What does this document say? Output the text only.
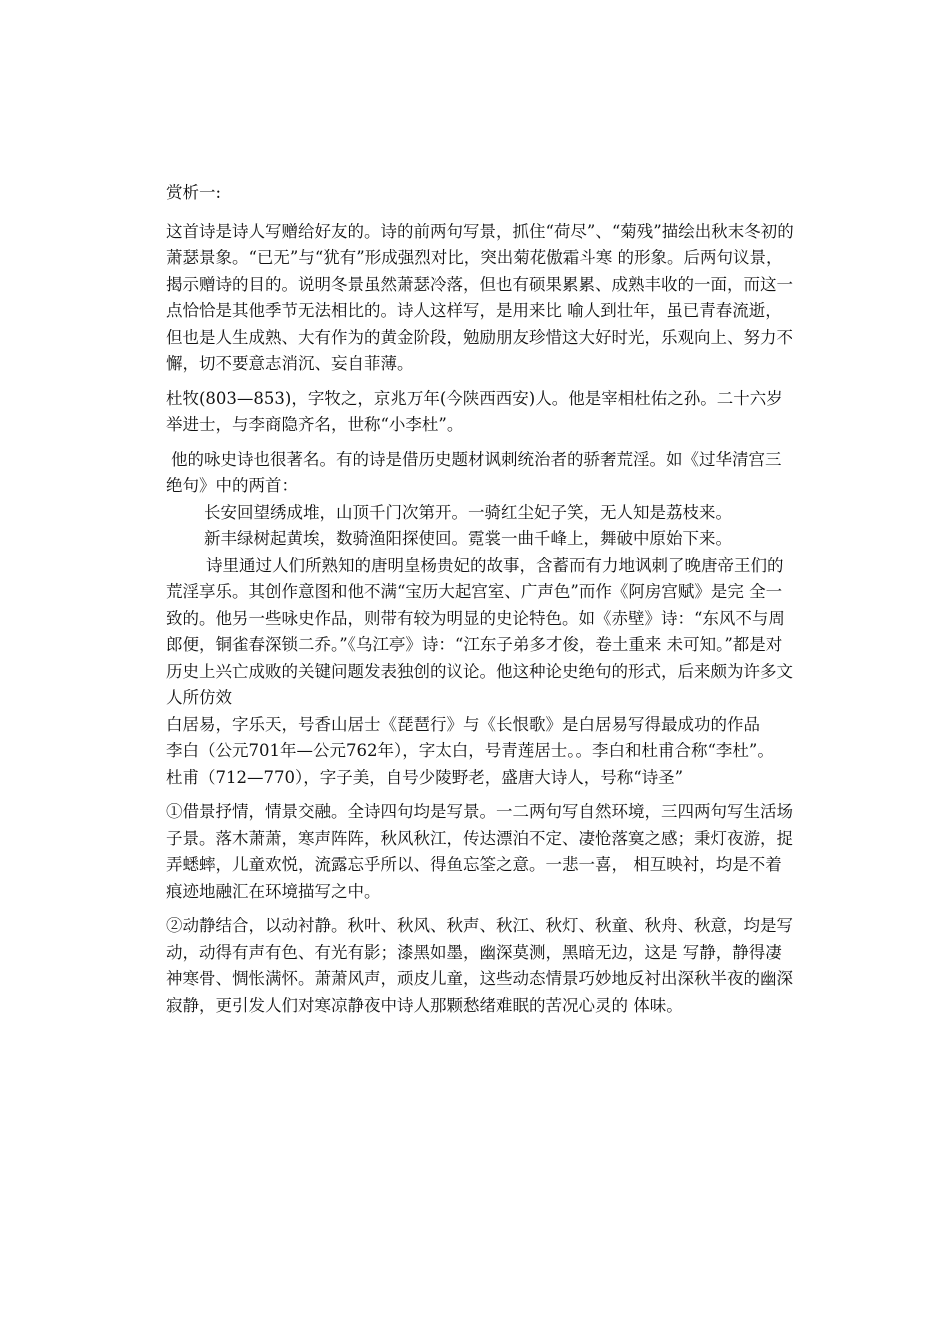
赏析一:
这首诗是诗人写赠给好友的。诗的前两句写景，抓住“荷尽”、“菊残”描绘出秋末冬初的萧瑟景象。“已无”与“犹有”形成强烈对比，突出菊花傲霜斗寒 的形象。后两句议景，揭示赠诗的目的。说明冬景虽然萧瑟冷落，但也有硕果累累、成熟丰收的一面，而这一点恰恰是其他季节无法相比的。诗人这样写，是用来比 喻人到壮年，虽已青春流逝，但也是人生成熟、大有作为的黄金阶段，勉励朋友珍惜这大好时光，乐观向上、努力不懈，切不要意志消沉、妄自菲薄。
杜牧(803—853)，字牧之，京兆万年(今陕西西安)人。他是宰相杜佑之孙。二十六岁举进士，与李商隐齐名，世称“小李杜”。
他的咏史诗也很著名。有的诗是借历史题材讽刺统治者的骄奢荒淫。如《过华清宫三绝句》中的两首：
长安回望绣成堆，山顶千门次第开。一骑红尘妃子笑，无人知是荔枝来。
新丰绿树起黄埃，数骑渔阳探使回。霓裳一曲千峰上，舞破中原始下来。
诗里通过人们所熟知的唐明皇杨贵妃的故事，含蓄而有力地讽刺了晚唐帝王们的荒淫享乐。其创作意图和他不满“宝历大起宫室、广声色”而作《阿房宫赋》是完 全一致的。他另一些咏史作品，则带有较为明显的史论特色。如《赤壁》诗：“东风不与周郎便，铜雀春深锁二乔。”《乌江亭》诗：“江东子弟多才俊，卷土重来 未可知。”都是对历史上兴亡成败的关键问题发表独创的议论。他这种论史绝句的形式，后来颇为许多文人所仿效
白居易，字乐天，号香山居士《琵琶行》与《长恨歌》是白居易写得最成功的作品
李白（公元701年—公元762年），字太白，号青莲居士。。李白和杜甫合称“李杜”。
杜甫（712—770），字子美，自号少陵野老，盛唐大诗人，号称“诗圣”
①借景抒情，情景交融。全诗四句均是写景。一二两句写自然环境，三四两句写生活场子景。落木萧萧，寒声阵阵，秋风秋江，传达漂泊不定、凄怆落寞之感；秉灯夜游，捉弄蟋蟀，儿童欢悦，流露忘乎所以、得鱼忘筌之意。一悲一喜， 相互映衬，均是不着痕迹地融汇在环境描写之中。
②动静结合，以动衬静。秋叶、秋风、秋声、秋江、秋灯、秋童、秋舟、秋意，均是写动，动得有声有色、有光有影；漆黑如墨，幽深莫测，黑暗无边，这是 写静，静得凄神寒骨、惆怅满怀。萧萧风声，顽皮儿童，这些动态情景巧妙地反衬出深秋半夜的幽深寂静，更引发人们对寒凉静夜中诗人那颗愁绪难眠的苦况心灵的 体味。
